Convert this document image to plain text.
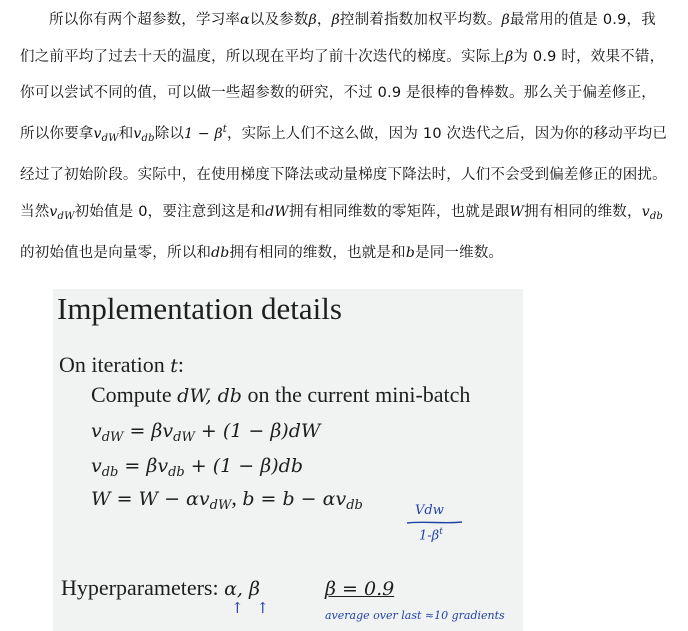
所以你有两个超参数，学习率α以及参数β，β控制着指数加权平均数。β最常用的值是 0.9，我们之前平均了过去十天的温度，所以现在平均了前十次迭代的梯度。实际上β为 0.9 时，效果不错，你可以尝试不同的值，可以做一些超参数的研究，不过 0.9 是很棒的鲁棒数。那么关于偏差修正，所以你要拿$v_{dW}$和$v_{db}$除以$1 - \beta^t$，实际上人们不这么做，因为 10 次迭代之后，因为你的移动平均已经过了初始阶段。实际中，在使用梯度下降法或动量梯度下降法时，人们不会受到偏差修正的困扰。当然$v_{dW}$初始值是 0，要注意到这是和dW拥有相同维数的零矩阵，也就是跟W拥有相同的维数，$v_{db}$的初始值也是向量零，所以和db拥有相同的维数，也就是和b是同一维数。

Implementation details
On iteration t:
Compute dW, db on the current mini-batch
vdW = βvdW + (1 − β)dW
vdb = βvdb + (1 − β)db
W = W − αvdW, b = b − αvdb	Vdw
$1-\beta^t$
Hyperparameters: α, β	β = 0.9
↑ ↑	average over last ≈10 gradients
